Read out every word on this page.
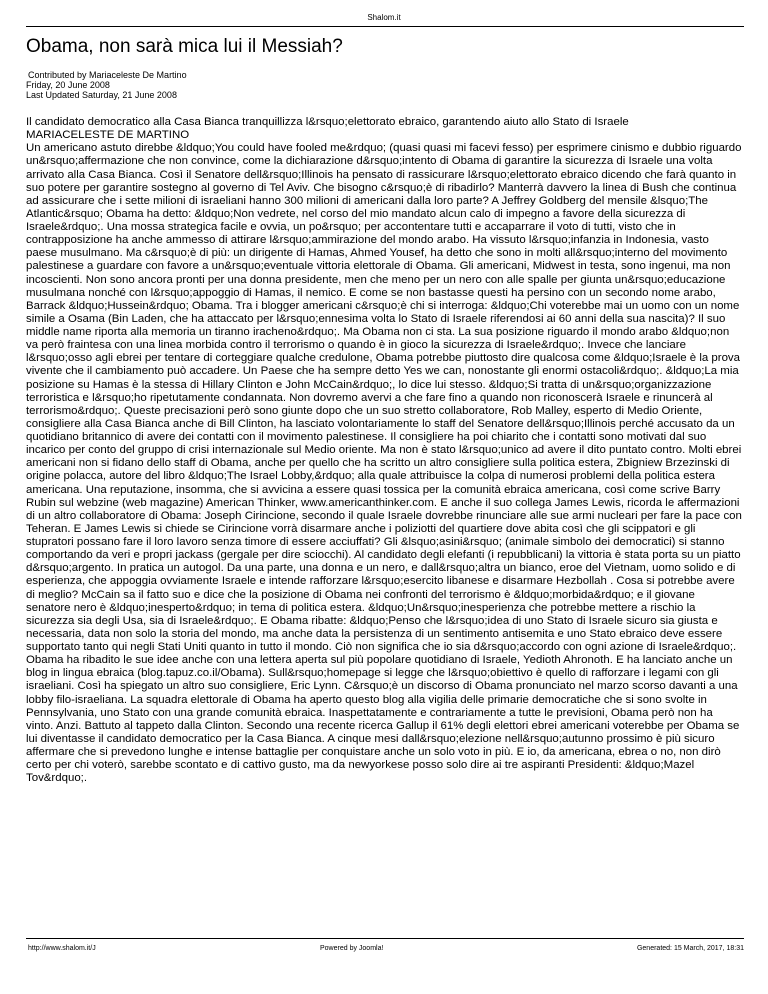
Shalom.it
Obama, non sarà mica lui il Messiah?
Contributed by Mariaceleste De Martino
Friday, 20 June 2008
Last Updated Saturday, 21 June 2008

Il candidato democratico alla Casa Bianca tranquillizza l&rsquo;elettorato ebraico, garantendo aiuto allo Stato di Israele

MARIACELESTE DE MARTINO

Un americano astuto direbbe &ldquo;You could have fooled me&rdquo; (quasi quasi mi facevi fesso) per esprimere cinismo e dubbio riguardo un&rsquo;affermazione che non convince, come la dichiarazione d&rsquo;intento di Obama di garantire la sicurezza di Israele una volta arrivato alla Casa Bianca. Così il Senatore dell&rsquo;Illinois ha pensato di rassicurare l&rsquo;elettorato ebraico dicendo che farà quanto in suo potere per garantire sostegno al governo di Tel Aviv. Che bisogno c&rsquo;è di ribadirlo? Manterrà davvero la linea di Bush che continua ad assicurare che i sette milioni di israeliani hanno 300 milioni di americani dalla loro parte? A Jeffrey Goldberg del mensile &lsquo;The Atlantic&rsquo; Obama ha detto: &ldquo;Non vedrete, nel corso del mio mandato alcun calo di impegno a favore della sicurezza di Israele&rdquo;. Una mossa strategica facile e ovvia, un po&rsquo; per accontentare tutti e accaparrare il voto di tutti, visto che in contrapposizione ha anche ammesso di attirare l&rsquo;ammirazione del mondo arabo. Ha vissuto l&rsquo;infanzia in Indonesia, vasto paese musulmano. Ma c&rsquo;è di più: un dirigente di Hamas, Ahmed Yousef, ha detto che sono in molti all&rsquo;interno del movimento palestinese a guardare con favore a un&rsquo;eventuale vittoria elettorale di Obama. Gli americani, Midwest in testa, sono ingenui, ma non incoscienti. Non sono ancora pronti per una donna presidente, men che meno per un nero con alle spalle per giunta un&rsquo;educazione musulmana nonché con l&rsquo;appoggio di Hamas, il nemico. E come se non bastasse questi ha persino con un secondo nome arabo, Barrack &ldquo;Hussein&rdquo; Obama. Tra i blogger americani c&rsquo;è chi si interroga: &ldquo;Chi voterebbe mai un uomo con un nome simile a Osama (Bin Laden, che ha attaccato per l&rsquo;ennesima volta lo Stato di Israele riferendosi ai 60 anni della sua nascita)? Il suo middle name riporta alla memoria un tiranno iracheno&rdquo;. Ma Obama non ci sta. La sua posizione riguardo il mondo arabo &ldquo;non va però fraintesa con una linea morbida contro il terrorismo o quando è in gioco la sicurezza di Israele&rdquo;. Invece che lanciare l&rsquo;osso agli ebrei per tentare di corteggiare qualche credulone, Obama potrebbe piuttosto dire qualcosa come &ldquo;Israele è la prova vivente che il cambiamento può accadere. Un Paese che ha sempre detto Yes we can, nonostante gli enormi ostacoli&rdquo;. &ldquo;La mia posizione su Hamas è la stessa di Hillary Clinton e John McCain&rdquo;, lo dice lui stesso. &ldquo;Si tratta di un&rsquo;organizzazione terroristica e l&rsquo;ho ripetutamente condannata. Non dovremo avervi a che fare fino a quando non riconoscerà Israele e rinuncerà al terrorismo&rdquo;. Queste precisazioni però sono giunte dopo che un suo stretto collaboratore, Rob Malley, esperto di Medio Oriente, consigliere alla Casa Bianca anche di Bill Clinton, ha lasciato volontariamente lo staff del Senatore dell&rsquo;Illinois perché accusato da un quotidiano britannico di avere dei contatti con il movimento palestinese. Il consigliere ha poi chiarito che i contatti sono motivati dal suo incarico per conto del gruppo di crisi internazionale sul Medio oriente. Ma non è stato l&rsquo;unico ad avere il dito puntato contro. Molti ebrei americani non si fidano dello staff di Obama, anche per quello che ha scritto un altro consigliere sulla politica estera, Zbigniew Brzezinski di origine polacca, autore del libro &ldquo;The Israel Lobby,&rdquo; alla quale attribuisce la colpa di numerosi problemi della politica estera americana. Una reputazione, insomma, che si avvicina a essere quasi tossica per la comunità ebraica americana, così come scrive Barry Rubin sul webzine (web magazine) American Thinker, www.americanthinker.com. E anche il suo collega James Lewis, ricorda le affermazioni di un altro collaboratore di Obama: Joseph Cirincione, secondo il quale Israele dovrebbe rinunciare alle sue armi nucleari per fare la pace con Teheran. E James Lewis si chiede se Cirincione vorrà disarmare anche i poliziotti del quartiere dove abita così che gli scippatori e gli stupratori possano fare il loro lavoro senza timore di essere acciuffati? Gli &lsquo;asini&rsquo; (animale simbolo dei democratici) si stanno comportando da veri e propri jackass (gergale per dire sciocchi). Al candidato degli elefanti (i repubblicani) la vittoria è stata porta su un piatto d&rsquo;argento. In pratica un autogol. Da una parte, una donna e un nero, e dall&rsquo;altra un bianco, eroe del Vietnam, uomo solido e di esperienza, che appoggia ovviamente Israele e intende rafforzare l&rsquo;esercito libanese e disarmare Hezbollah . Cosa si potrebbe avere di meglio? McCain sa il fatto suo e dice che la posizione di Obama nei confronti del terrorismo è &ldquo;morbida&rdquo; e il giovane senatore nero è &ldquo;inesperto&rdquo; in tema di politica estera. &ldquo;Un&rsquo;inesperienza che potrebbe mettere a rischio la sicurezza sia degli Usa, sia di Israele&rdquo;. E Obama ribatte: &ldquo;Penso che l&rsquo;idea di uno Stato di Israele sicuro sia giusta e necessaria, data non solo la storia del mondo, ma anche data la persistenza di un sentimento antisemita e uno Stato ebraico deve essere supportato tanto qui negli Stati Uniti quanto in tutto il mondo. Ciò non significa che io sia d&rsquo;accordo con ogni azione di Israele&rdquo;. Obama ha ribadito le sue idee anche con una lettera aperta sul più popolare quotidiano di Israele, Yedioth Ahronoth. E ha lanciato anche un blog in lingua ebraica (blog.tapuz.co.il/Obama). Sull&rsquo;homepage si legge che l&rsquo;obiettivo è quello di rafforzare i legami con gli israeliani. Così ha spiegato un altro suo consigliere, Eric Lynn. C&rsquo;è un discorso di Obama pronunciato nel marzo scorso davanti a una lobby filo-israeliana. La squadra elettorale di Obama ha aperto questo blog alla vigilia delle primarie democratiche che si sono svolte in Pennsylvania, uno Stato con una grande comunità ebraica. Inaspettatamente e contrariamente a tutte le previsioni, Obama però non ha vinto. Anzi. Battuto al tappeto dalla Clinton. Secondo una recente ricerca Gallup il 61% degli elettori ebrei americani voterebbe per Obama se lui diventasse il candidato democratico per la Casa Bianca. A cinque mesi dall&rsquo;elezione nell&rsquo;autunno prossimo è più sicuro affermare che si prevedono lunghe e intense battaglie per conquistare anche un solo voto in più. E io, da americana, ebrea o no, non dirò certo per chi voterò, sarebbe scontato e di cattivo gusto, ma da newyorkese posso solo dire ai tre aspiranti Presidenti: &ldquo;Mazel Tov&rdquo;.

http://www.shalom.it/J	Powered by Joomla!	Generated: 15 March, 2017, 18:31
